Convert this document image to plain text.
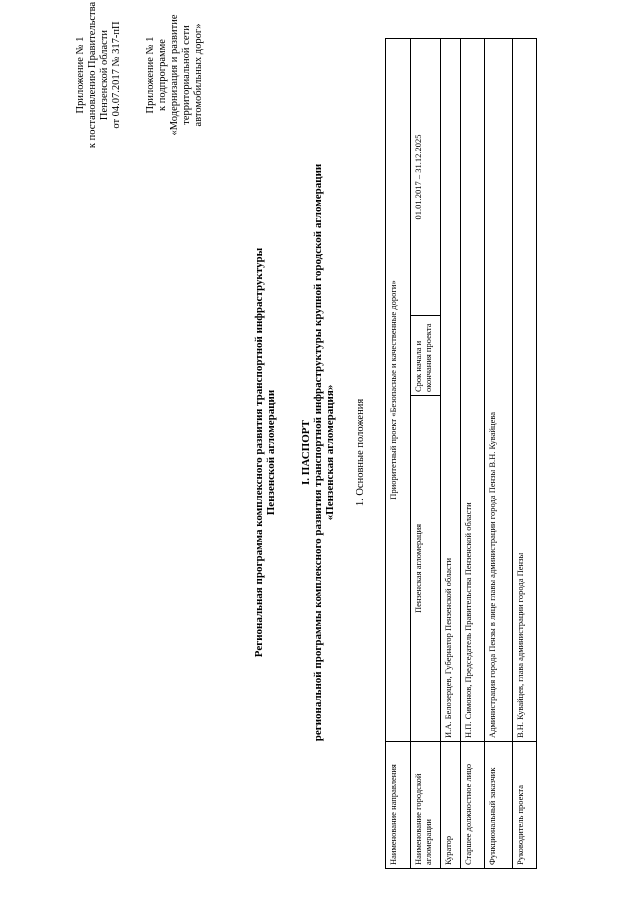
Приложение № 1 к постановлению Правительства Пензенской области от 04.07.2017 № 317-пП Приложение № 1 к подпрограмме «Модернизация и развитие территориальной сети автомобильных дорог»
Региональная программа комплексного развития транспортной инфраструктуры Пензенской агломерации I. ПАСПОРТ региональной программы комплексного развития транспортной инфраструктуры крупной городской агломерации «Пензенская агломерация» 1. Основные положения
Наименование направления	Приоритетный проект «Безопасные и качественные дороги»		
Наименование городской агломерации	Пензенская агломерация	Срок начала и окончания проекта	01.01.2017 – 31.12.2025
Куратор	И.А. Белозерцев, Губернатор Пензенской области		
Старшее должностное лицо	Н.П. Симонов, Председатель Правительства Пензенской области		
Функциональный заказчик	Администрация города Пензы в лице главы администрации города Пензы В.Н. Кувайцева		
Руководитель проекта	В.Н. Кувайцев, глава администрации города Пензы		
